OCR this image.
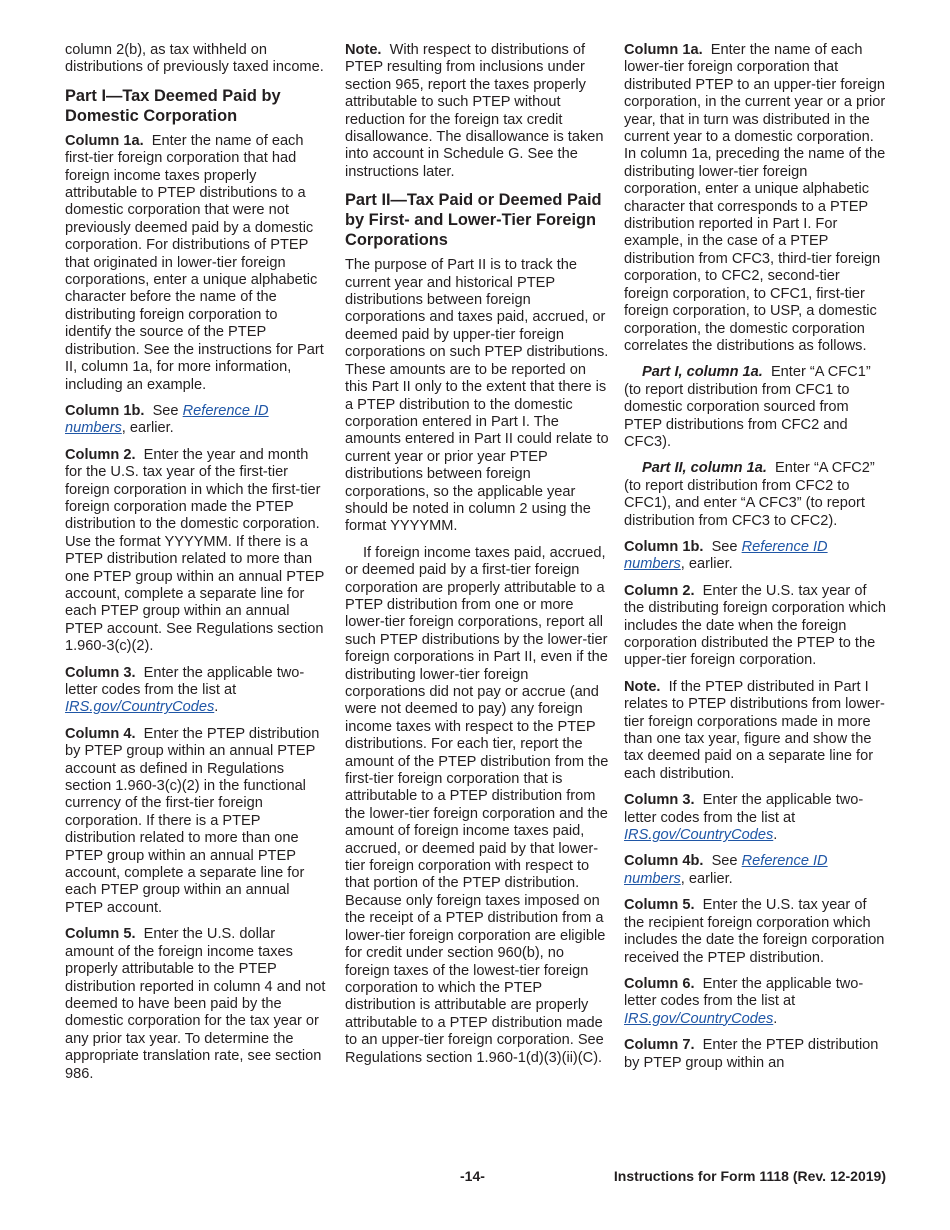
column 2(b), as tax withheld on distributions of previously taxed income.

Part I—Tax Deemed Paid by Domestic Corporation

Column 1a. Enter the name of each first-tier foreign corporation that had foreign income taxes properly attributable to PTEP distributions to a domestic corporation that were not previously deemed paid by a domestic corporation. For distributions of PTEP that originated in lower-tier foreign corporations, enter a unique alphabetic character before the name of the distributing foreign corporation to identify the source of the PTEP distribution. See the instructions for Part II, column 1a, for more information, including an example.

Column 1b. See Reference ID numbers, earlier.

Column 2. Enter the year and month for the U.S. tax year of the first-tier foreign corporation in which the first-tier foreign corporation made the PTEP distribution to the domestic corporation. Use the format YYYYMM. If there is a PTEP distribution related to more than one PTEP group within an annual PTEP account, complete a separate line for each PTEP group within an annual PTEP account. See Regulations section 1.960-3(c)(2).

Column 3. Enter the applicable two-letter codes from the list at IRS.gov/CountryCodes.

Column 4. Enter the PTEP distribution by PTEP group within an annual PTEP account as defined in Regulations section 1.960-3(c)(2) in the functional currency of the first-tier foreign corporation. If there is a PTEP distribution related to more than one PTEP group within an annual PTEP account, complete a separate line for each PTEP group within an annual PTEP account.

Column 5. Enter the U.S. dollar amount of the foreign income taxes properly attributable to the PTEP distribution reported in column 4 and not deemed to have been paid by the domestic corporation for the tax year or any prior tax year. To determine the appropriate translation rate, see section 986.

Note. With respect to distributions of PTEP resulting from inclusions under section 965, report the taxes properly attributable to such PTEP without reduction for the foreign tax credit disallowance. The disallowance is taken into account in Schedule G. See the instructions later.

Part II—Tax Paid or Deemed Paid by First- and Lower-Tier Foreign Corporations

The purpose of Part II is to track the current year and historical PTEP distributions between foreign corporations and taxes paid, accrued, or deemed paid by upper-tier foreign corporations on such PTEP distributions. These amounts are to be reported on this Part II only to the extent that there is a PTEP distribution to the domestic corporation entered in Part I. The amounts entered in Part II could relate to current year or prior year PTEP distributions between foreign corporations, so the applicable year should be noted in column 2 using the format YYYYMM.

If foreign income taxes paid, accrued, or deemed paid by a first-tier foreign corporation are properly attributable to a PTEP distribution from one or more lower-tier foreign corporations, report all such PTEP distributions by the lower-tier foreign corporations in Part II, even if the distributing lower-tier foreign corporations did not pay or accrue (and were not deemed to pay) any foreign income taxes with respect to the PTEP distributions. For each tier, report the amount of the PTEP distribution from the first-tier foreign corporation that is attributable to a PTEP distribution from the lower-tier foreign corporation and the amount of foreign income taxes paid, accrued, or deemed paid by that lower-tier foreign corporation with respect to that portion of the PTEP distribution. Because only foreign taxes imposed on the receipt of a PTEP distribution from a lower-tier foreign corporation are eligible for credit under section 960(b), no foreign taxes of the lowest-tier foreign corporation to which the PTEP distribution is attributable are properly attributable to a PTEP distribution made to an upper-tier foreign corporation. See Regulations section 1.960-1(d)(3)(ii)(C).

Column 1a. Enter the name of each lower-tier foreign corporation that distributed PTEP to an upper-tier foreign corporation, in the current year or a prior year, that in turn was distributed in the current year to a domestic corporation. In column 1a, preceding the name of the distributing lower-tier foreign corporation, enter a unique alphabetic character that corresponds to a PTEP distribution reported in Part I. For example, in the case of a PTEP distribution from CFC3, third-tier foreign corporation, to CFC2, second-tier foreign corporation, to CFC1, first-tier foreign corporation, to USP, a domestic corporation, the domestic corporation correlates the distributions as follows.

Part I, column 1a. Enter “A CFC1” (to report distribution from CFC1 to domestic corporation sourced from PTEP distributions from CFC2 and CFC3).

Part II, column 1a. Enter “A CFC2” (to report distribution from CFC2 to CFC1), and enter “A CFC3” (to report distribution from CFC3 to CFC2).

Column 1b. See Reference ID numbers, earlier.

Column 2. Enter the U.S. tax year of the distributing foreign corporation which includes the date when the foreign corporation distributed the PTEP to the upper-tier foreign corporation.

Note. If the PTEP distributed in Part I relates to PTEP distributions from lower-tier foreign corporations made in more than one tax year, figure and show the tax deemed paid on a separate line for each distribution.

Column 3. Enter the applicable two-letter codes from the list at IRS.gov/CountryCodes.

Column 4b. See Reference ID numbers, earlier.

Column 5. Enter the U.S. tax year of the recipient foreign corporation which includes the date the foreign corporation received the PTEP distribution.

Column 6. Enter the applicable two-letter codes from the list at IRS.gov/CountryCodes.

Column 7. Enter the PTEP distribution by PTEP group within an

-14-	Instructions for Form 1118 (Rev. 12-2019)
